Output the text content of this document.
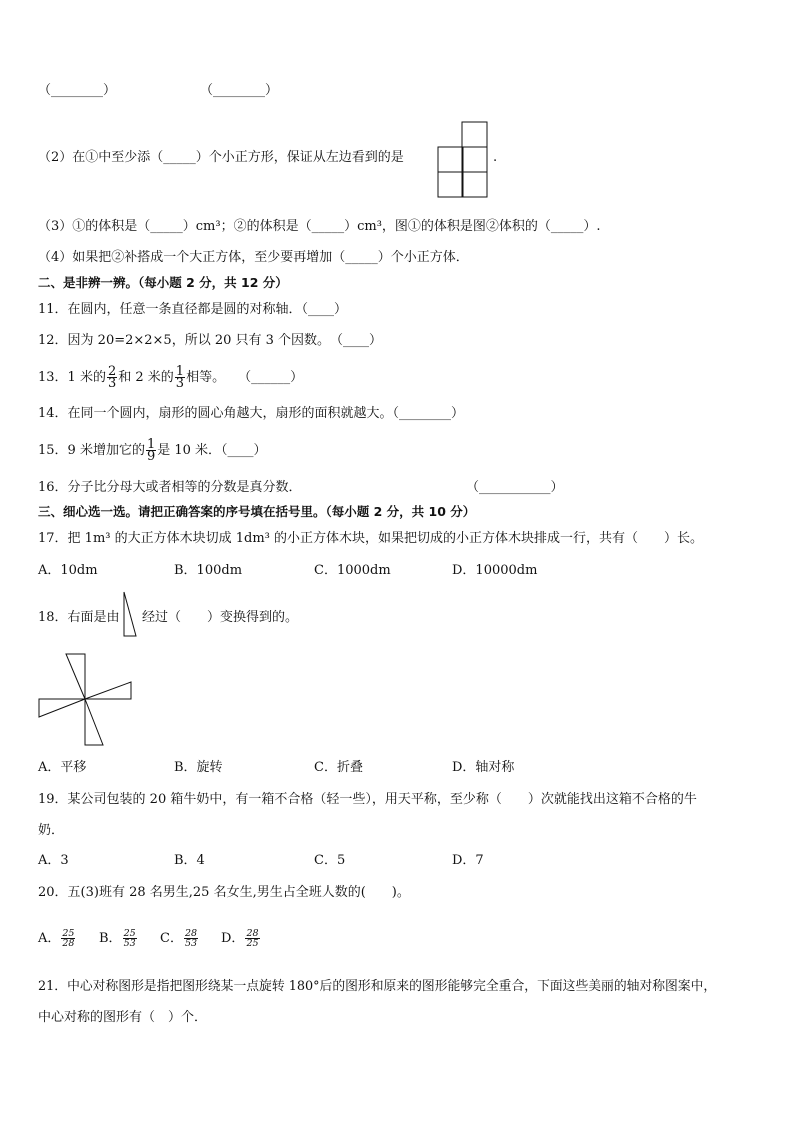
（________）	（________）
（2）在①中至少添（_____）个小正方形，保证从左边看到的是	.
（3）①的体积是（_____）cm³；②的体积是（_____）cm³，图①的体积是图②体积的（_____）.
（4）如果把②补搭成一个大正方体，至少要再增加（_____）个小正方体．
二、是非辨一辨。（每小题 2 分，共 12 分）
11．在圆内，任意一条直径都是圆的对称轴．（____）
12．因为 20=2×2×5，所以 20 只有 3 个因数。　（____）
13．1 米的 $\frac{2}{3}$ 和 2 米的 $\frac{1}{3}$ 相等。　　（______）
14．在同一个圆内，扇形的圆心角越大，扇形的面积就越大。（________）
15．9 米增加它的 $\frac{1}{9}$ 是 10 米．（____）
16．分子比分母大或者相等的分数是真分数．	（___________）
三、细心选一选。请把正确答案的序号填在括号里。（每小题 2 分，共 10 分）
17．把 1m³ 的大正方体木块切成 1dm³ 的小正方体木块，如果把切成的小正方体木块排成一行，共有（　　）长。
A．10dm	B．100dm	C．1000dm	D．10000dm
18．右面是由 经过（　　）变换得到的。
A．平移	B．旋转	C．折叠	D．轴对称
19．某公司包装的 20 箱牛奶中，有一箱不合格（轻一些），用天平称，至少称（　　）次就能找出这箱不合格的牛
奶．
A．3	B．4	C．5	D．7
20．五(3)班有 28 名男生,25 名女生,男生占全班人数的(　　)。
A． $\frac{25}{28}$ B． $\frac{25}{53}$ C． $\frac{28}{53}$ D． $\frac{28}{25}$
21．中心对称图形是指把图形绕某一点旋转 180°后的图形和原来的图形能够完全重合，下面这些美丽的轴对称图案中，
中心对称的图形有（　）个．
